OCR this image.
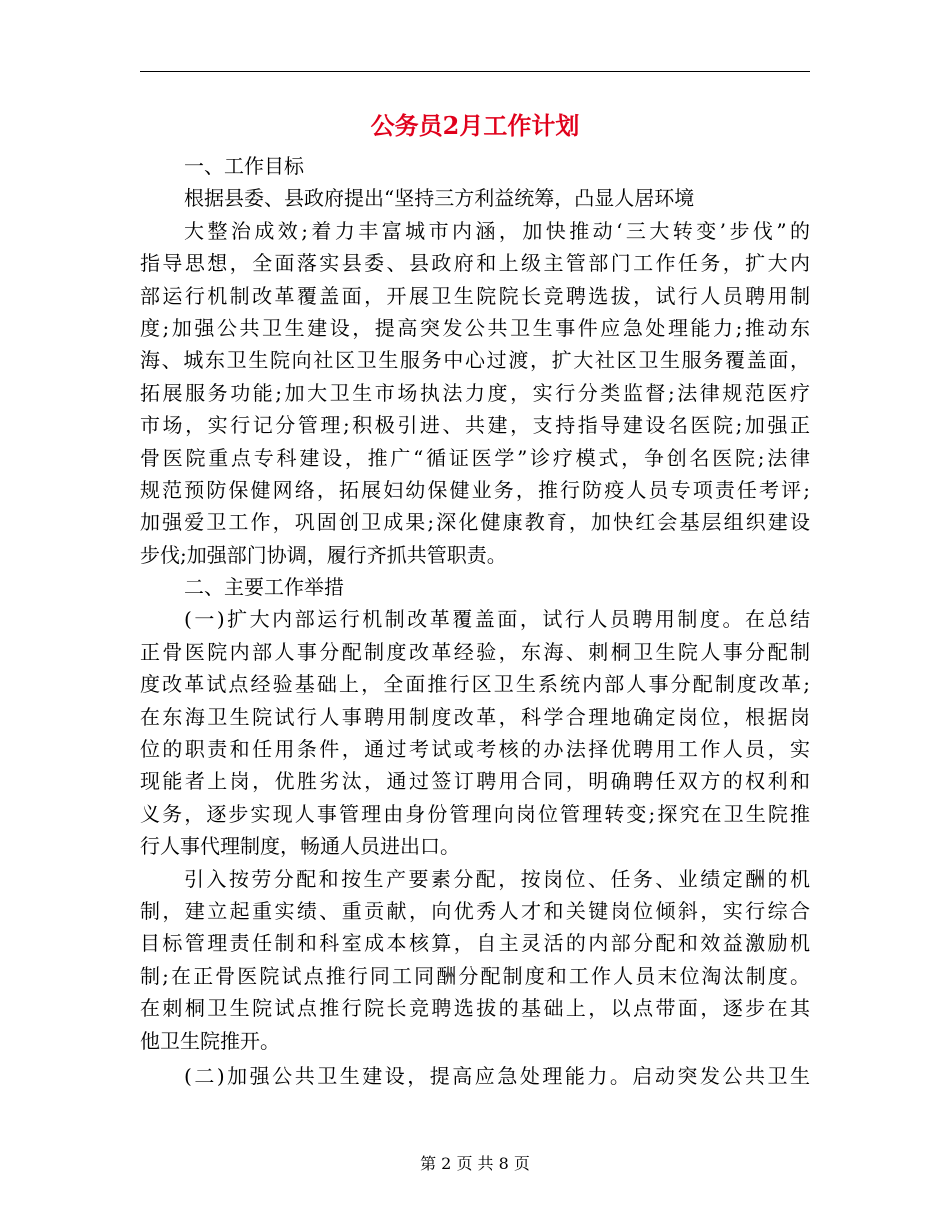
公务员2月工作计划
一、工作目标
根据县委、县政府提出“坚持三方利益统筹，凸显人居环境
大整治成效;着力丰富城市内涵，加快推动‘三大转变’步伐”的
指导思想，全面落实县委、县政府和上级主管部门工作任务，扩大内
部运行机制改革覆盖面，开展卫生院院长竞聘选拔，试行人员聘用制
度;加强公共卫生建设，提高突发公共卫生事件应急处理能力;推动东
海、城东卫生院向社区卫生服务中心过渡，扩大社区卫生服务覆盖面，
拓展服务功能;加大卫生市场执法力度，实行分类监督;法律规范医疗
市场，实行记分管理;积极引进、共建，支持指导建设名医院;加强正
骨医院重点专科建设，推广“循证医学”诊疗模式，争创名医院;法律
规范预防保健网络，拓展妇幼保健业务，推行防疫人员专项责任考评;
加强爱卫工作，巩固创卫成果;深化健康教育，加快红会基层组织建设
步伐;加强部门协调，履行齐抓共管职责。
二、主要工作举措
(一)扩大内部运行机制改革覆盖面，试行人员聘用制度。在总结
正骨医院内部人事分配制度改革经验，东海、刺桐卫生院人事分配制
度改革试点经验基础上，全面推行区卫生系统内部人事分配制度改革;
在东海卫生院试行人事聘用制度改革，科学合理地确定岗位，根据岗
位的职责和任用条件，通过考试或考核的办法择优聘用工作人员，实
现能者上岗，优胜劣汰，通过签订聘用合同，明确聘任双方的权利和
义务，逐步实现人事管理由身份管理向岗位管理转变;探究在卫生院推
行人事代理制度，畅通人员进出口。
引入按劳分配和按生产要素分配，按岗位、任务、业绩定酬的机
制，建立起重实绩、重贡献，向优秀人才和关键岗位倾斜，实行综合
目标管理责任制和科室成本核算，自主灵活的内部分配和效益激励机
制;在正骨医院试点推行同工同酬分配制度和工作人员末位淘汰制度。
在刺桐卫生院试点推行院长竞聘选拔的基础上，以点带面，逐步在其
他卫生院推开。
(二)加强公共卫生建设，提高应急处理能力。启动突发公共卫生
第 2 页 共 8 页
